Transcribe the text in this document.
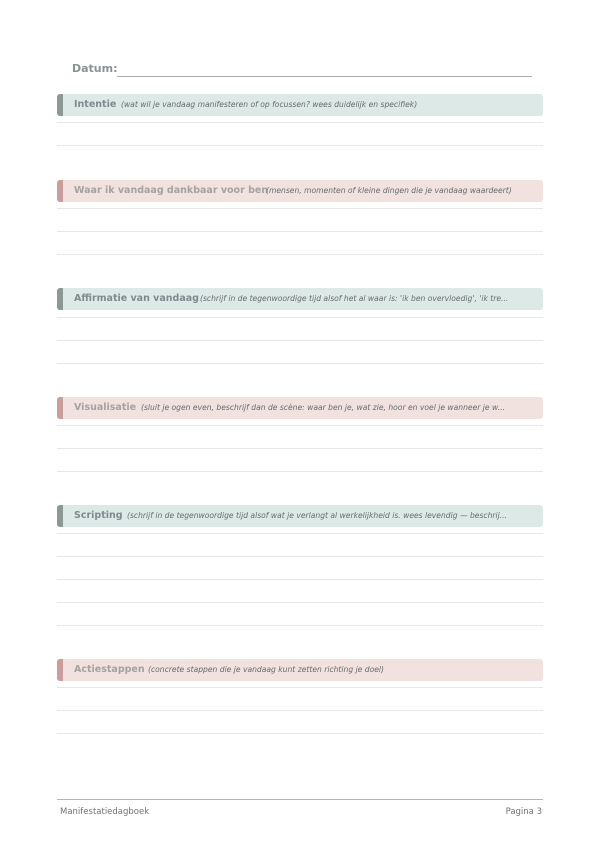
Datum:
Intentie (wat wil je vandaag manifesteren of op focussen? wees duidelijk en specifiek)
Waar ik vandaag dankbaar voor ben
(mensen, momenten of kleine dingen die je vandaag waardeert)
Affirmatie van vandaag (schrijf in de tegenwoordige tijd alsof het al waar is: 'ik ben overvloedig', 'ik tre...
Visualisatie (sluit je ogen even, beschrijf dan de scène: waar ben je, wat zie, hoor en voel je wanneer je w...
Scripting (schrijf in de tegenwoordige tijd alsof wat je verlangt al werkelijkheid is. wees levendig — beschrij...
Actiestappen (concrete stappen die je vandaag kunt zetten richting je doel)
Manifestatiedagboek	Pagina 3
